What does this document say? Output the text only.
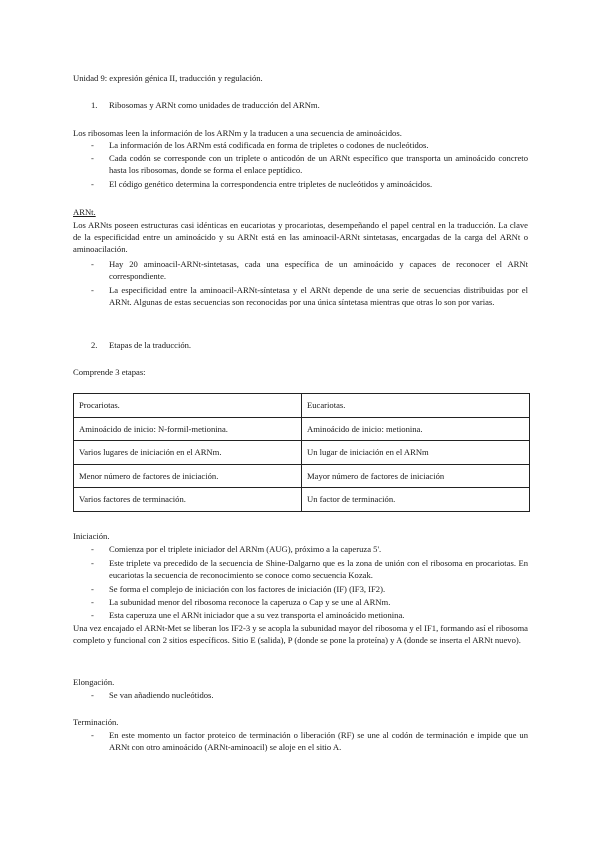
Unidad 9: expresión génica II, traducción y regulación.

1. Ribosomas y ARNt como unidades de traducción del ARNm.

Los ribosomas leen la información de los ARNm y la traducen a una secuencia de aminoácidos.

-	La información de los ARNm está codificada en forma de tripletes o codones de nucleótidos.
-	Cada codón se corresponde con un triplete o anticodón de un ARNt específico que transporta un aminoácido concreto hasta los ribosomas, donde se forma el enlace peptídico.
-	El código genético determina la correspondencia entre tripletes de nucleótidos y aminoácidos.

ARNt.

Los ARNts poseen estructuras casi idénticas en eucariotas y procariotas, desempeñando el papel central en la traducción. La clave de la especificidad entre un aminoácido y su ARNt está en las aminoacil-ARNt sintetasas, encargadas de la carga del ARNt o aminoacilación.

-	Hay 20 aminoacil-ARNt-sintetasas, cada una específica de un aminoácido y capaces de reconocer el ARNt correspondiente.
-	La especificidad entre la aminoacil-ARNt-síntetasa y el ARNt depende de una serie de secuencias distribuidas por el ARNt. Algunas de estas secuencias son reconocidas por una única síntetasa mientras que otras lo son por varias.
2. Etapas de la traducción.

Comprende 3 etapas:

Procariotas.	Eucariotas.
Aminoácido de inicio: N-formil-metionina.	Aminoácido de inicio: metionina.
Varios lugares de iniciación en el ARNm.	Un lugar de iniciación en el ARNm
Menor número de factores de iniciación.	Mayor número de factores de iniciación
Varios factores de terminación.	Un factor de terminación.

Iniciación.

-	Comienza por el triplete iniciador del ARNm (AUG), próximo a la caperuza 5'.
-	Este triplete va precedido de la secuencia de Shine-Dalgarno que es la zona de unión con el ribosoma en procariotas. En eucariotas la secuencia de reconocimiento se conoce como secuencia Kozak.
-	Se forma el complejo de iniciación con los factores de iniciación (IF) (IF3, IF2).
-	La subunidad menor del ribosoma reconoce la caperuza o Cap y se une al ARNm.
-	Esta caperuza une el ARNt iniciador que a su vez transporta el aminoácido metionina.

Una vez encajado el ARNt-Met se liberan los IF2-3 y se acopla la subunidad mayor del ribosoma y el IF1, formando así el ribosoma completo y funcional con 2 sitios específicos. Sitio E (salida), P (donde se pone la proteína) y A (donde se inserta el ARNt nuevo).

Elongación.

-	Se van añadiendo nucleótidos.

Terminación.

-	En este momento un factor proteico de terminación o liberación (RF) se une al codón de terminación e impide que un ARNt con otro aminoácido (ARNt-aminoacil) se aloje en el sitio A.
